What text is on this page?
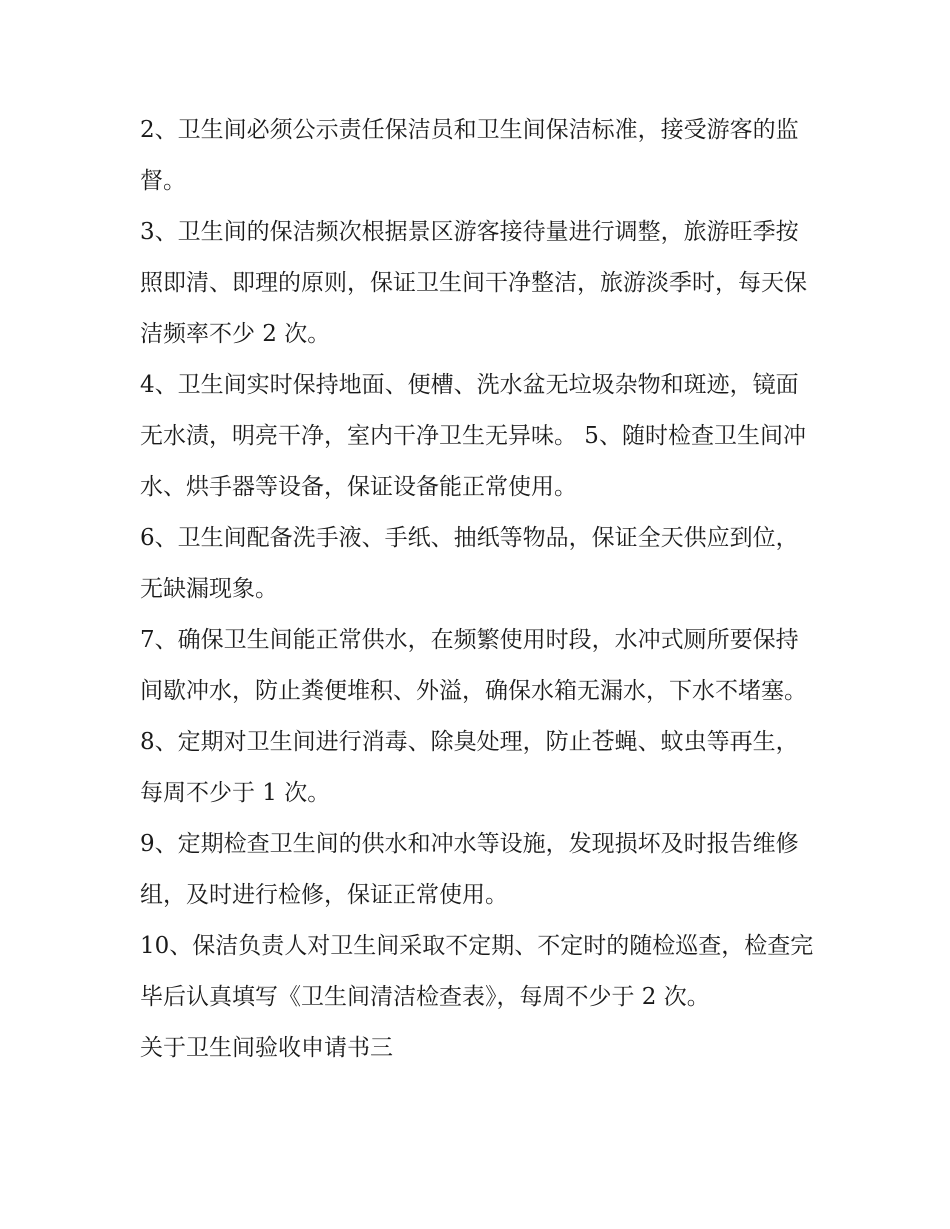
2、卫生间必须公示责任保洁员和卫生间保洁标准，接受游客的监督。

3、卫生间的保洁频次根据景区游客接待量进行调整，旅游旺季按照即清、即理的原则，保证卫生间干净整洁，旅游淡季时，每天保洁频率不少 2 次。

4、卫生间实时保持地面、便槽、洗水盆无垃圾杂物和斑迹，镜面无水渍，明亮干净，室内干净卫生无异味。 5、随时检查卫生间冲水、烘手器等设备，保证设备能正常使用。

6、卫生间配备洗手液、手纸、抽纸等物品，保证全天供应到位，无缺漏现象。

7、确保卫生间能正常供水，在频繁使用时段，水冲式厕所要保持间歇冲水，防止粪便堆积、外溢，确保水箱无漏水，下水不堵塞。

8、定期对卫生间进行消毒、除臭处理，防止苍蝇、蚊虫等再生，每周不少于 1 次。

9、定期检查卫生间的供水和冲水等设施，发现损坏及时报告维修组，及时进行检修，保证正常使用。

10、保洁负责人对卫生间采取不定期、不定时的随检巡查，检查完毕后认真填写《卫生间清洁检查表》，每周不少于 2 次。

关于卫生间验收申请书三
